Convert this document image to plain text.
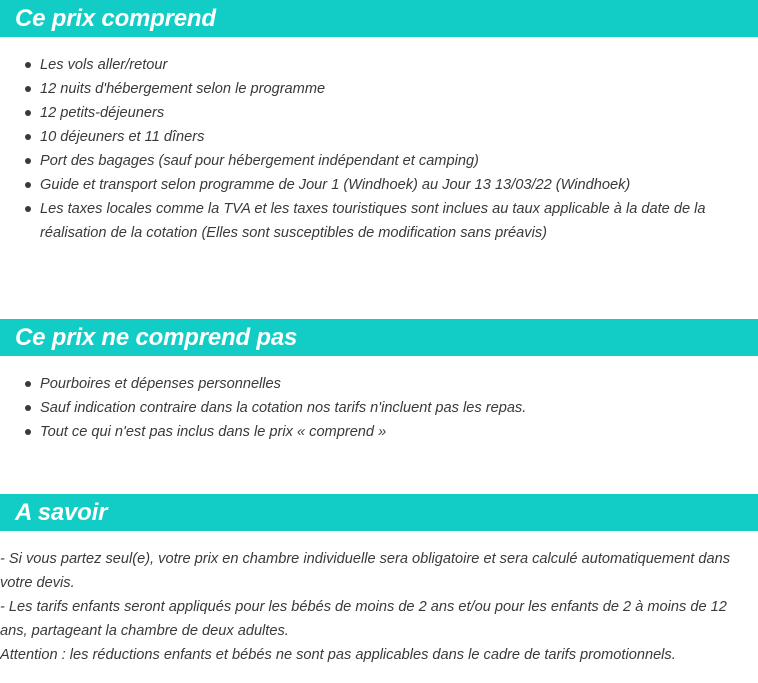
Ce prix comprend
Les vols aller/retour
12 nuits d'hébergement selon le programme
12 petits-déjeuners
10 déjeuners et 11 dîners
Port des bagages (sauf pour hébergement indépendant et camping)
Guide et transport selon programme de Jour 1 (Windhoek) au Jour 13 13/03/22 (Windhoek)
Les taxes locales comme la TVA et les taxes touristiques sont inclues au taux applicable à la date de la réalisation de la cotation (Elles sont susceptibles de modification sans préavis)
Ce prix ne comprend pas
Pourboires et dépenses personnelles
Sauf indication contraire dans la cotation nos tarifs n'incluent pas les repas.
Tout ce qui n'est pas inclus dans le prix « comprend »
A savoir

- Si vous partez seul(e), votre prix en chambre individuelle sera obligatoire et sera calculé automatiquement dans votre devis.

- Les tarifs enfants seront appliqués pour les bébés de moins de 2 ans et/ou pour les enfants de 2 à moins de 12 ans, partageant la chambre de deux adultes.

Attention : les réductions enfants et bébés ne sont pas applicables dans le cadre de tarifs promotionnels.
